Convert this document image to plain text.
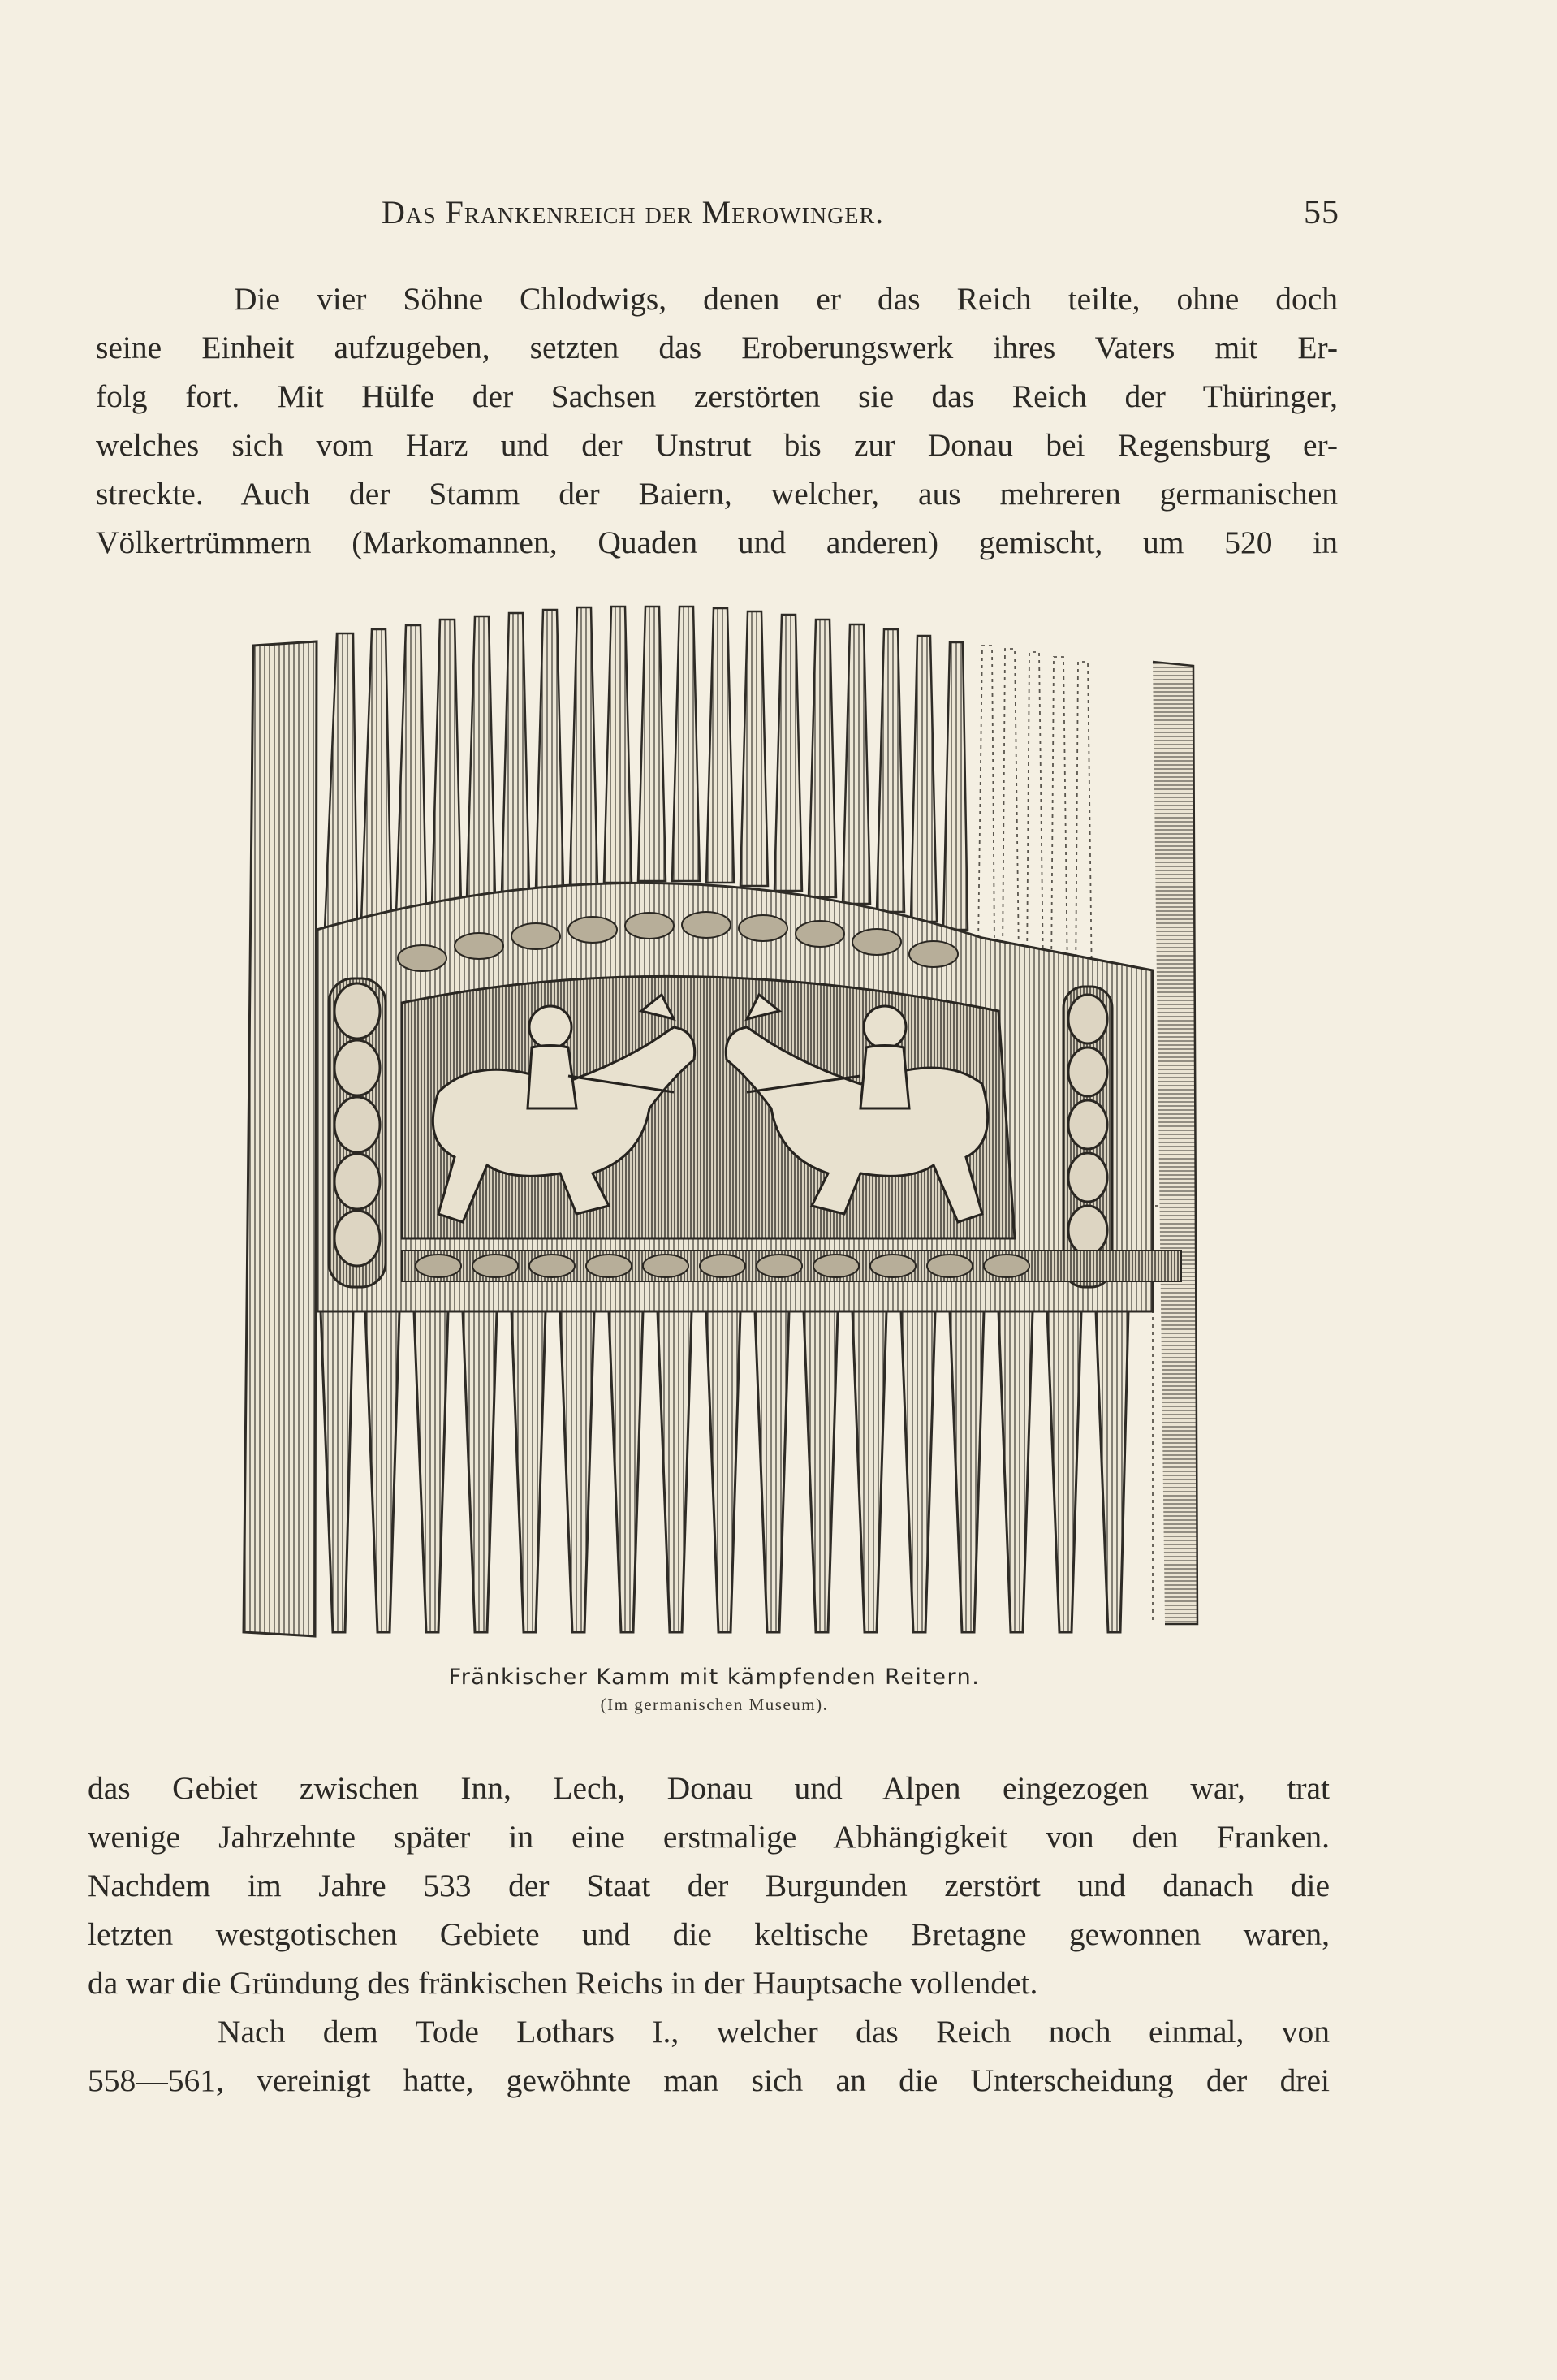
Das Frankenreich der Merowinger.	55
Die vier Söhne Chlodwigs, denen er das Reich teilte, ohne doch
seine Einheit aufzugeben, setzten das Eroberungswerk ihres Vaters mit Er-
folg fort. Mit Hülfe der Sachsen zerstörten sie das Reich der Thüringer,
welches sich vom Harz und der Unstrut bis zur Donau bei Regensburg er-
streckte. Auch der Stamm der Baiern, welcher, aus mehreren germanischen
Völkertrümmern (Markomannen, Quaden und anderen) gemischt, um 520 in
Fränkischer Kamm mit kämpfenden Reitern.
(Im germanischen Museum).
das Gebiet zwischen Inn, Lech, Donau und Alpen eingezogen war, trat
wenige Jahrzehnte später in eine erstmalige Abhängigkeit von den Franken.
Nachdem im Jahre 533 der Staat der Burgunden zerstört und danach die
letzten westgotischen Gebiete und die keltische Bretagne gewonnen waren,
da war die Gründung des fränkischen Reichs in der Hauptsache vollendet.
Nach dem Tode Lothars I., welcher das Reich noch einmal, von
558—561, vereinigt hatte, gewöhnte man sich an die Unterscheidung der drei
